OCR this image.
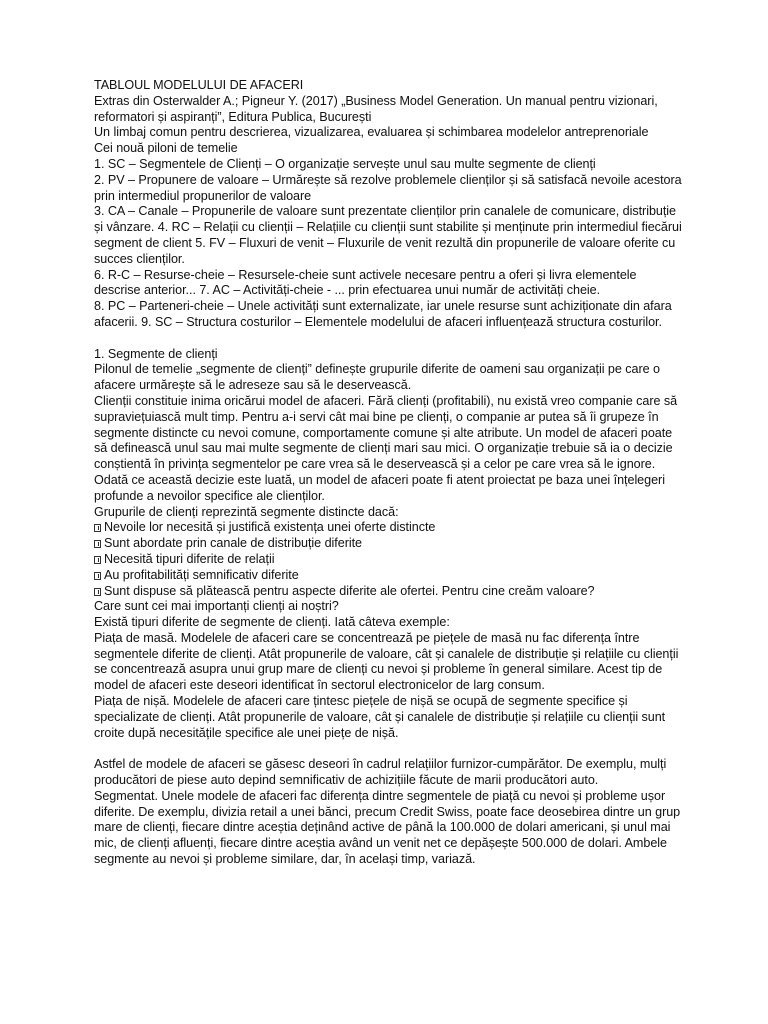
TABLOUL MODELULUI DE AFACERI

Extras din Osterwalder A.; Pigneur Y. (2017) „Business Model Generation. Un manual pentru vizionari, reformatori și aspiranți”, Editura Publica, București

Un limbaj comun pentru descrierea, vizualizarea, evaluarea și schimbarea modelelor antreprenoriale

Cei nouă piloni de temelie

1. SC – Segmentele de Clienți – O organizație servește unul sau multe segmente de clienți

2. PV – Propunere de valoare – Urmărește să rezolve problemele clienților și să satisfacă nevoile acestora prin intermediul propunerilor de valoare

3. CA – Canale – Propunerile de valoare sunt prezentate clienților prin canalele de comunicare, distribuție și vânzare. 4. RC – Relații cu clienții – Relațiile cu clienții sunt stabilite și menținute prin intermediul fiecărui segment de client 5. FV – Fluxuri de venit – Fluxurile de venit rezultă din propunerile de valoare oferite cu succes clienților.

6. R-C – Resurse-cheie – Resursele-cheie sunt activele necesare pentru a oferi și livra elementele descrise anterior... 7. AC – Activități-cheie - ... prin efectuarea unui număr de activități cheie.

8. PC – Parteneri-cheie – Unele activități sunt externalizate, iar unele resurse sunt achiziționate din afara afacerii. 9. SC – Structura costurilor – Elementele modelului de afaceri influențează structura costurilor.

1. Segmente de clienți

Pilonul de temelie „segmente de clienți” definește grupurile diferite de oameni sau organizații pe care o afacere urmărește să le adreseze sau să le deservească.

Clienții constituie inima oricărui model de afaceri. Fără clienți (profitabili), nu există vreo companie care să supraviețuiască mult timp. Pentru a-i servi cât mai bine pe clienți, o companie ar putea să îi grupeze în segmente distincte cu nevoi comune, comportamente comune și alte atribute. Un model de afaceri poate să definească unul sau mai multe segmente de clienți mari sau mici. O organizație trebuie să ia o decizie conștientă în privința segmentelor pe care vrea să le deservească și a celor pe care vrea să le ignore. Odată ce această decizie este luată, un model de afaceri poate fi atent proiectat pe baza unei înțelegeri profunde a nevoilor specifice ale clienților.

Grupurile de clienți reprezintă segmente distincte dacă:

Nevoile lor necesită și justifică existența unei oferte distincte

Sunt abordate prin canale de distribuție diferite

Necesită tipuri diferite de relații

Au profitabilități semnificativ diferite

Sunt dispuse să plătească pentru aspecte diferite ale ofertei. Pentru cine creăm valoare?

Care sunt cei mai importanți clienți ai noștri?

Există tipuri diferite de segmente de clienți. Iată câteva exemple:

Piața de masă. Modelele de afaceri care se concentrează pe piețele de masă nu fac diferența între segmentele diferite de clienți. Atât propunerile de valoare, cât și canalele de distribuție și relațiile cu clienții se concentrează asupra unui grup mare de clienți cu nevoi și probleme în general similare. Acest tip de model de afaceri este deseori identificat în sectorul electronicelor de larg consum.

Piața de nișă. Modelele de afaceri care țintesc piețele de nișă se ocupă de segmente specifice și specializate de clienți. Atât propunerile de valoare, cât și canalele de distribuție și relațiile cu clienții sunt croite după necesitățile specifice ale unei piețe de nișă.

Astfel de modele de afaceri se găsesc deseori în cadrul relațiilor furnizor-cumpărător. De exemplu, mulți producători de piese auto depind semnificativ de achizițiile făcute de marii producători auto.

Segmentat. Unele modele de afaceri fac diferența dintre segmentele de piață cu nevoi și probleme ușor diferite. De exemplu, divizia retail a unei bănci, precum Credit Swiss, poate face deosebirea dintre un grup mare de clienți, fiecare dintre aceștia deținând active de până la 100.000 de dolari americani, și unul mai mic, de clienți afluenți, fiecare dintre aceștia având un venit net ce depășește 500.000 de dolari. Ambele segmente au nevoi și probleme similare, dar, în același timp, variază.
